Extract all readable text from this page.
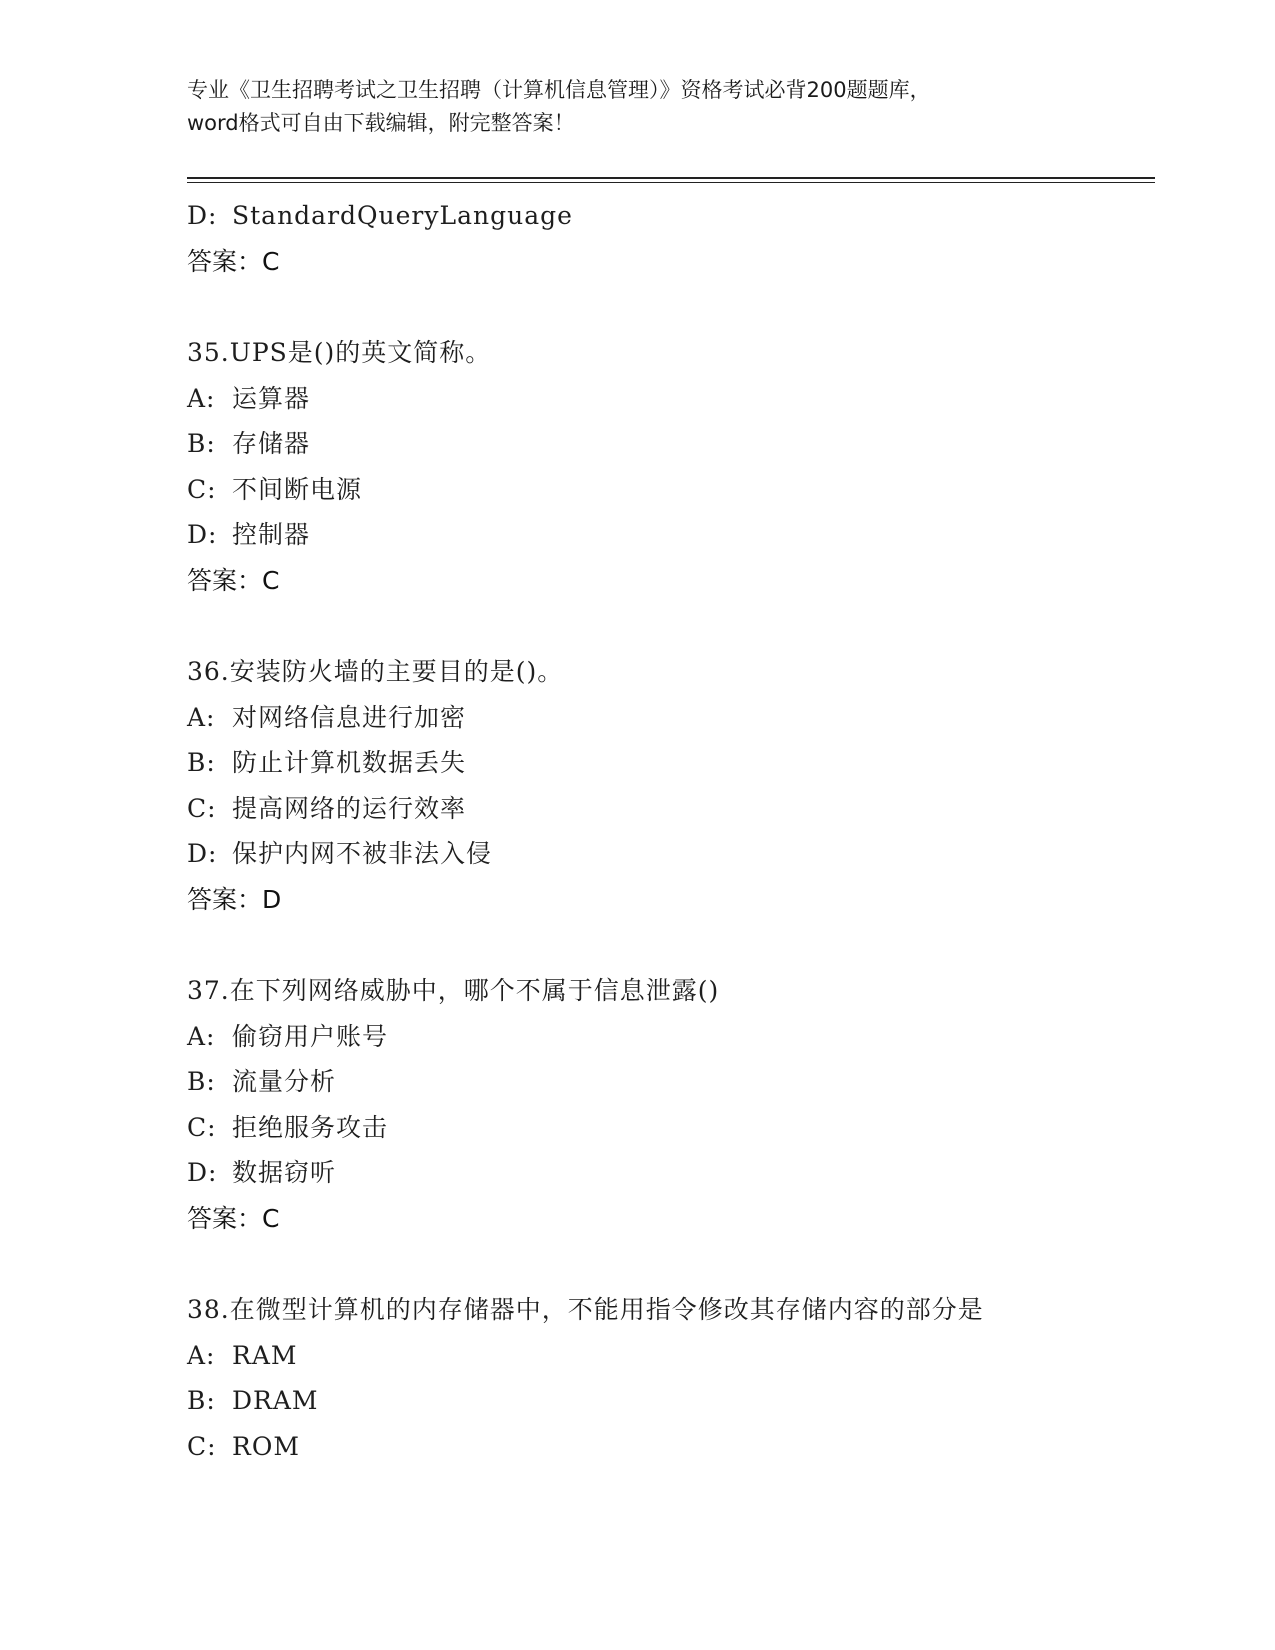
专业《卫生招聘考试之卫生招聘（计算机信息管理）》资格考试必背200题题库，
word格式可自由下载编辑，附完整答案！
D: StandardQueryLanguage
答案：C
35.UPS是()的英文简称。
A: 运算器
B: 存储器
C: 不间断电源
D: 控制器
答案：C
36.安装防火墙的主要目的是()。
A: 对网络信息进行加密
B: 防止计算机数据丢失
C: 提高网络的运行效率
D: 保护内网不被非法入侵
答案：D
37.在下列网络威胁中，哪个不属于信息泄露()
A: 偷窃用户账号
B: 流量分析
C: 拒绝服务攻击
D: 数据窃听
答案：C
38.在微型计算机的内存储器中，不能用指令修改其存储内容的部分是
A: RAM
B: DRAM
C: ROM
